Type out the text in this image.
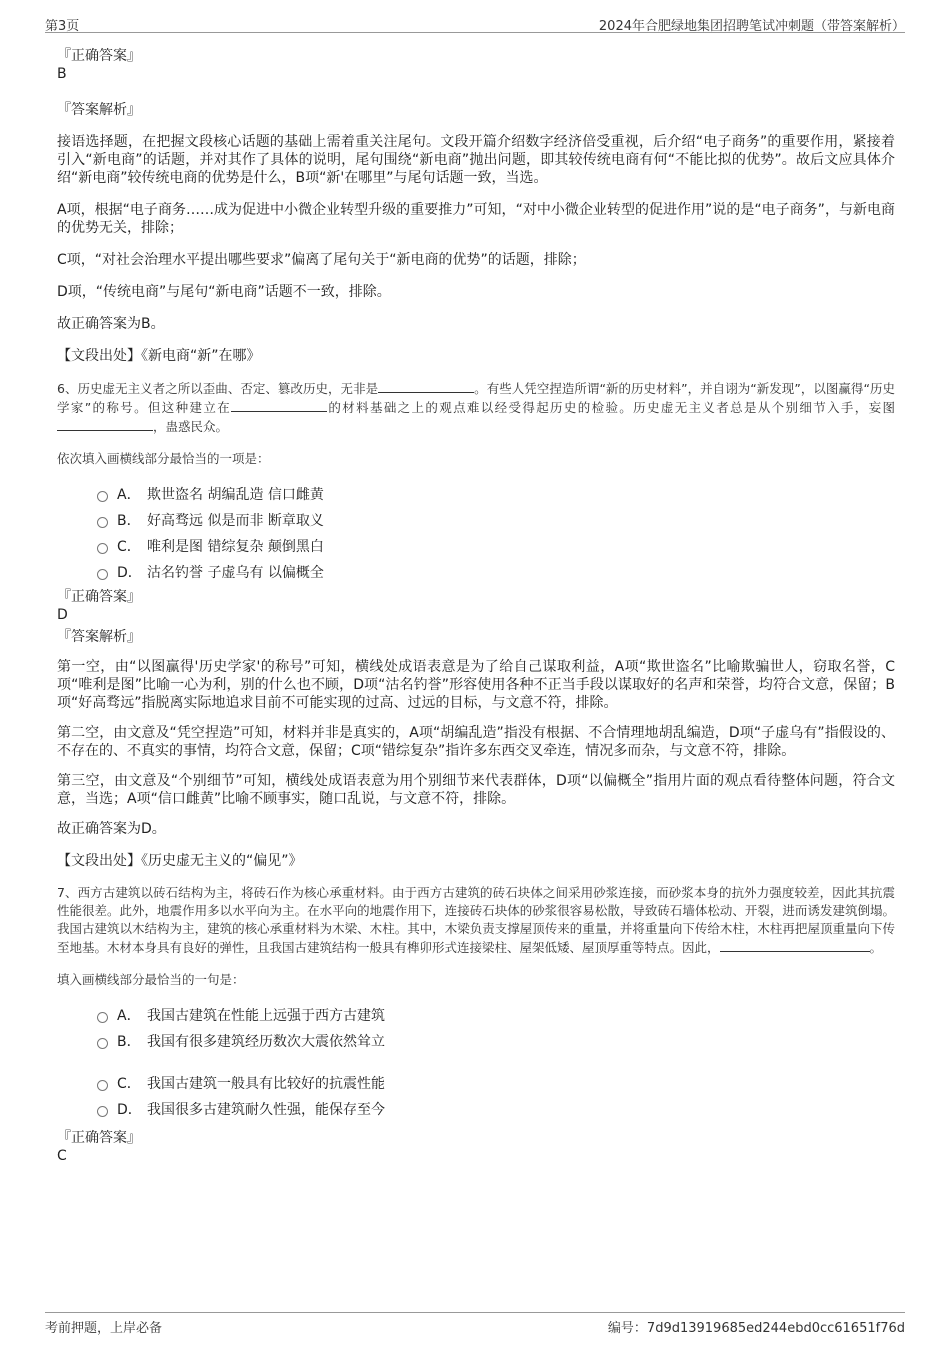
第3页	2024年合肥绿地集团招聘笔试冲刺题（带答案解析）

『正确答案』

B

『答案解析』

接语选择题，在把握文段核心话题的基础上需着重关注尾句。文段开篇介绍数字经济倍受重视，后介绍“电子商务”的重要作用，紧接着引入“新电商”的话题，并对其作了具体的说明，尾句围绕“新电商”抛出问题，即其较传统电商有何“不能比拟的优势”。故后文应具体介绍“新电商”较传统电商的优势是什么，B项“新'在哪里”与尾句话题一致，当选。

A项，根据“电子商务……成为促进中小微企业转型升级的重要推力”可知，“对中小微企业转型的促进作用”说的是“电子商务”，与新电商的优势无关，排除；

C项，“对社会治理水平提出哪些要求”偏离了尾句关于“新电商的优势”的话题，排除；

D项，“传统电商”与尾句“新电商”话题不一致，排除。

故正确答案为B。

【文段出处】《新电商“新”在哪》

6、历史虚无主义者之所以歪曲、否定、篡改历史，无非是	。有些人凭空捏造所谓“新的历史材料”，并自诩为“新发现”，以图赢得“历史学家”的称号。但这种建立在	的材料基础之上的观点难以经受得起历史的检验。历史虚无主义者总是从个别细节入手，妄图，蛊惑民众。

依次填入画横线部分最恰当的一项是：

A． 欺世盗名 胡编乱造 信口雌黄
B． 好高骛远 似是而非 断章取义
C． 唯利是图 错综复杂 颠倒黑白
D． 沽名钓誉 子虚乌有 以偏概全

『正确答案』

D

『答案解析』

第一空，由“以图赢得'历史学家'的称号”可知，横线处成语表意是为了给自己谋取利益，A项“欺世盗名”比喻欺骗世人，窃取名誉，C项“唯利是图”比喻一心为利，别的什么也不顾，D项“沽名钓誉”形容使用各种不正当手段以谋取好的名声和荣誉，均符合文意，保留；B项“好高骛远”指脱离实际地追求目前不可能实现的过高、过远的目标，与文意不符，排除。

第二空，由文意及“凭空捏造”可知，材料并非是真实的，A项“胡编乱造”指没有根据、不合情理地胡乱编造，D项“子虚乌有”指假设的、不存在的、不真实的事情，均符合文意，保留；C项“错综复杂”指许多东西交叉牵连，情况多而杂，与文意不符，排除。

第三空，由文意及“个别细节”可知，横线处成语表意为用个别细节来代表群体，D项“以偏概全”指用片面的观点看待整体问题，符合文意，当选；A项“信口雌黄”比喻不顾事实，随口乱说，与文意不符，排除。

故正确答案为D。

【文段出处】《历史虚无主义的“偏见”》

7、西方古建筑以砖石结构为主，将砖石作为核心承重材料。由于西方古建筑的砖石块体之间采用砂浆连接，而砂浆本身的抗外力强度较差，因此其抗震性能很差。此外，地震作用多以水平向为主。在水平向的地震作用下，连接砖石块体的砂浆很容易松散，导致砖石墙体松动、开裂，进而诱发建筑倒塌。我国古建筑以木结构为主，建筑的核心承重材料为木梁、木柱。其中，木梁负责支撑屋顶传来的重量，并将重量向下传给木柱，木柱再把屋顶重量向下传至地基。木材本身具有良好的弹性，且我国古建筑结构一般具有榫卯形式连接梁柱、屋架低矮、屋顶厚重等特点。因此，	。

填入画横线部分最恰当的一句是：

A． 我国古建筑在性能上远强于西方古建筑
B． 我国有很多建筑经历数次大震依然耸立
C． 我国古建筑一般具有比较好的抗震性能
D． 我国很多古建筑耐久性强，能保存至今

『正确答案』

C

考前押题，上岸必备	编号：7d9d13919685ed244ebd0cc61651f76d
